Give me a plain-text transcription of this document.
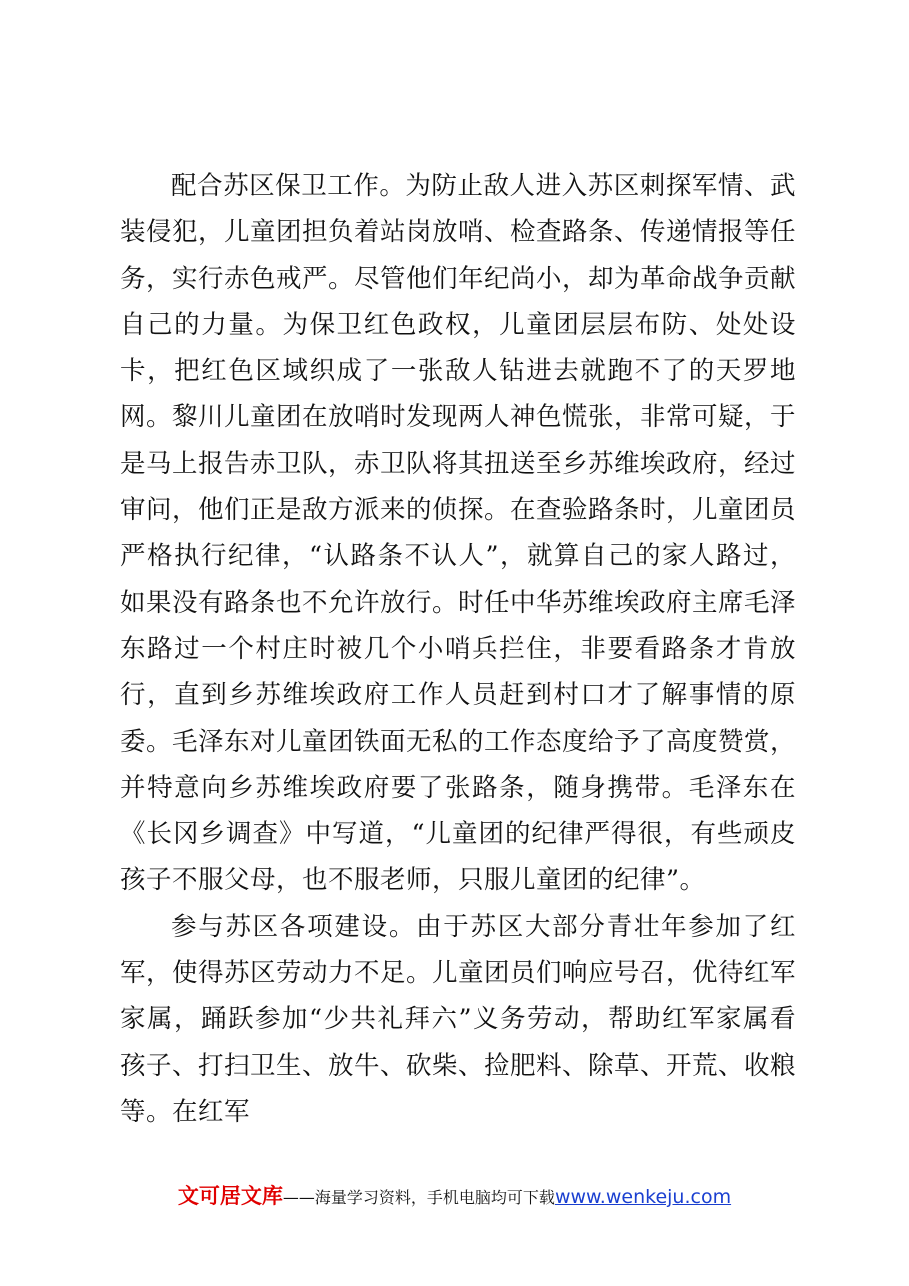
配合苏区保卫工作。为防止敌人进入苏区刺探军情、武装侵犯，儿童团担负着站岗放哨、检查路条、传递情报等任务，实行赤色戒严。尽管他们年纪尚小，却为革命战争贡献自己的力量。为保卫红色政权，儿童团层层布防、处处设卡，把红色区域织成了一张敌人钻进去就跑不了的天罗地网。黎川儿童团在放哨时发现两人神色慌张，非常可疑，于是马上报告赤卫队，赤卫队将其扭送至乡苏维埃政府，经过审问，他们正是敌方派来的侦探。在查验路条时，儿童团员严格执行纪律，“认路条不认人”，就算自己的家人路过，如果没有路条也不允许放行。时任中华苏维埃政府主席毛泽东路过一个村庄时被几个小哨兵拦住，非要看路条才肯放行，直到乡苏维埃政府工作人员赶到村口才了解事情的原委。毛泽东对儿童团铁面无私的工作态度给予了高度赞赏，并特意向乡苏维埃政府要了张路条，随身携带。毛泽东在《长冈乡调查》中写道，“儿童团的纪律严得很，有些顽皮孩子不服父母，也不服老师，只服儿童团的纪律”。

参与苏区各项建设。由于苏区大部分青壮年参加了红军，使得苏区劳动力不足。儿童团员们响应号召，优待红军家属，踊跃参加“少共礼拜六”义务劳动，帮助红军家属看孩子、打扫卫生、放牛、砍柴、捡肥料、除草、开荒、收粮等。在红军

文可居文库——海量学习资料，手机电脑均可下载www.wenkeju.com
